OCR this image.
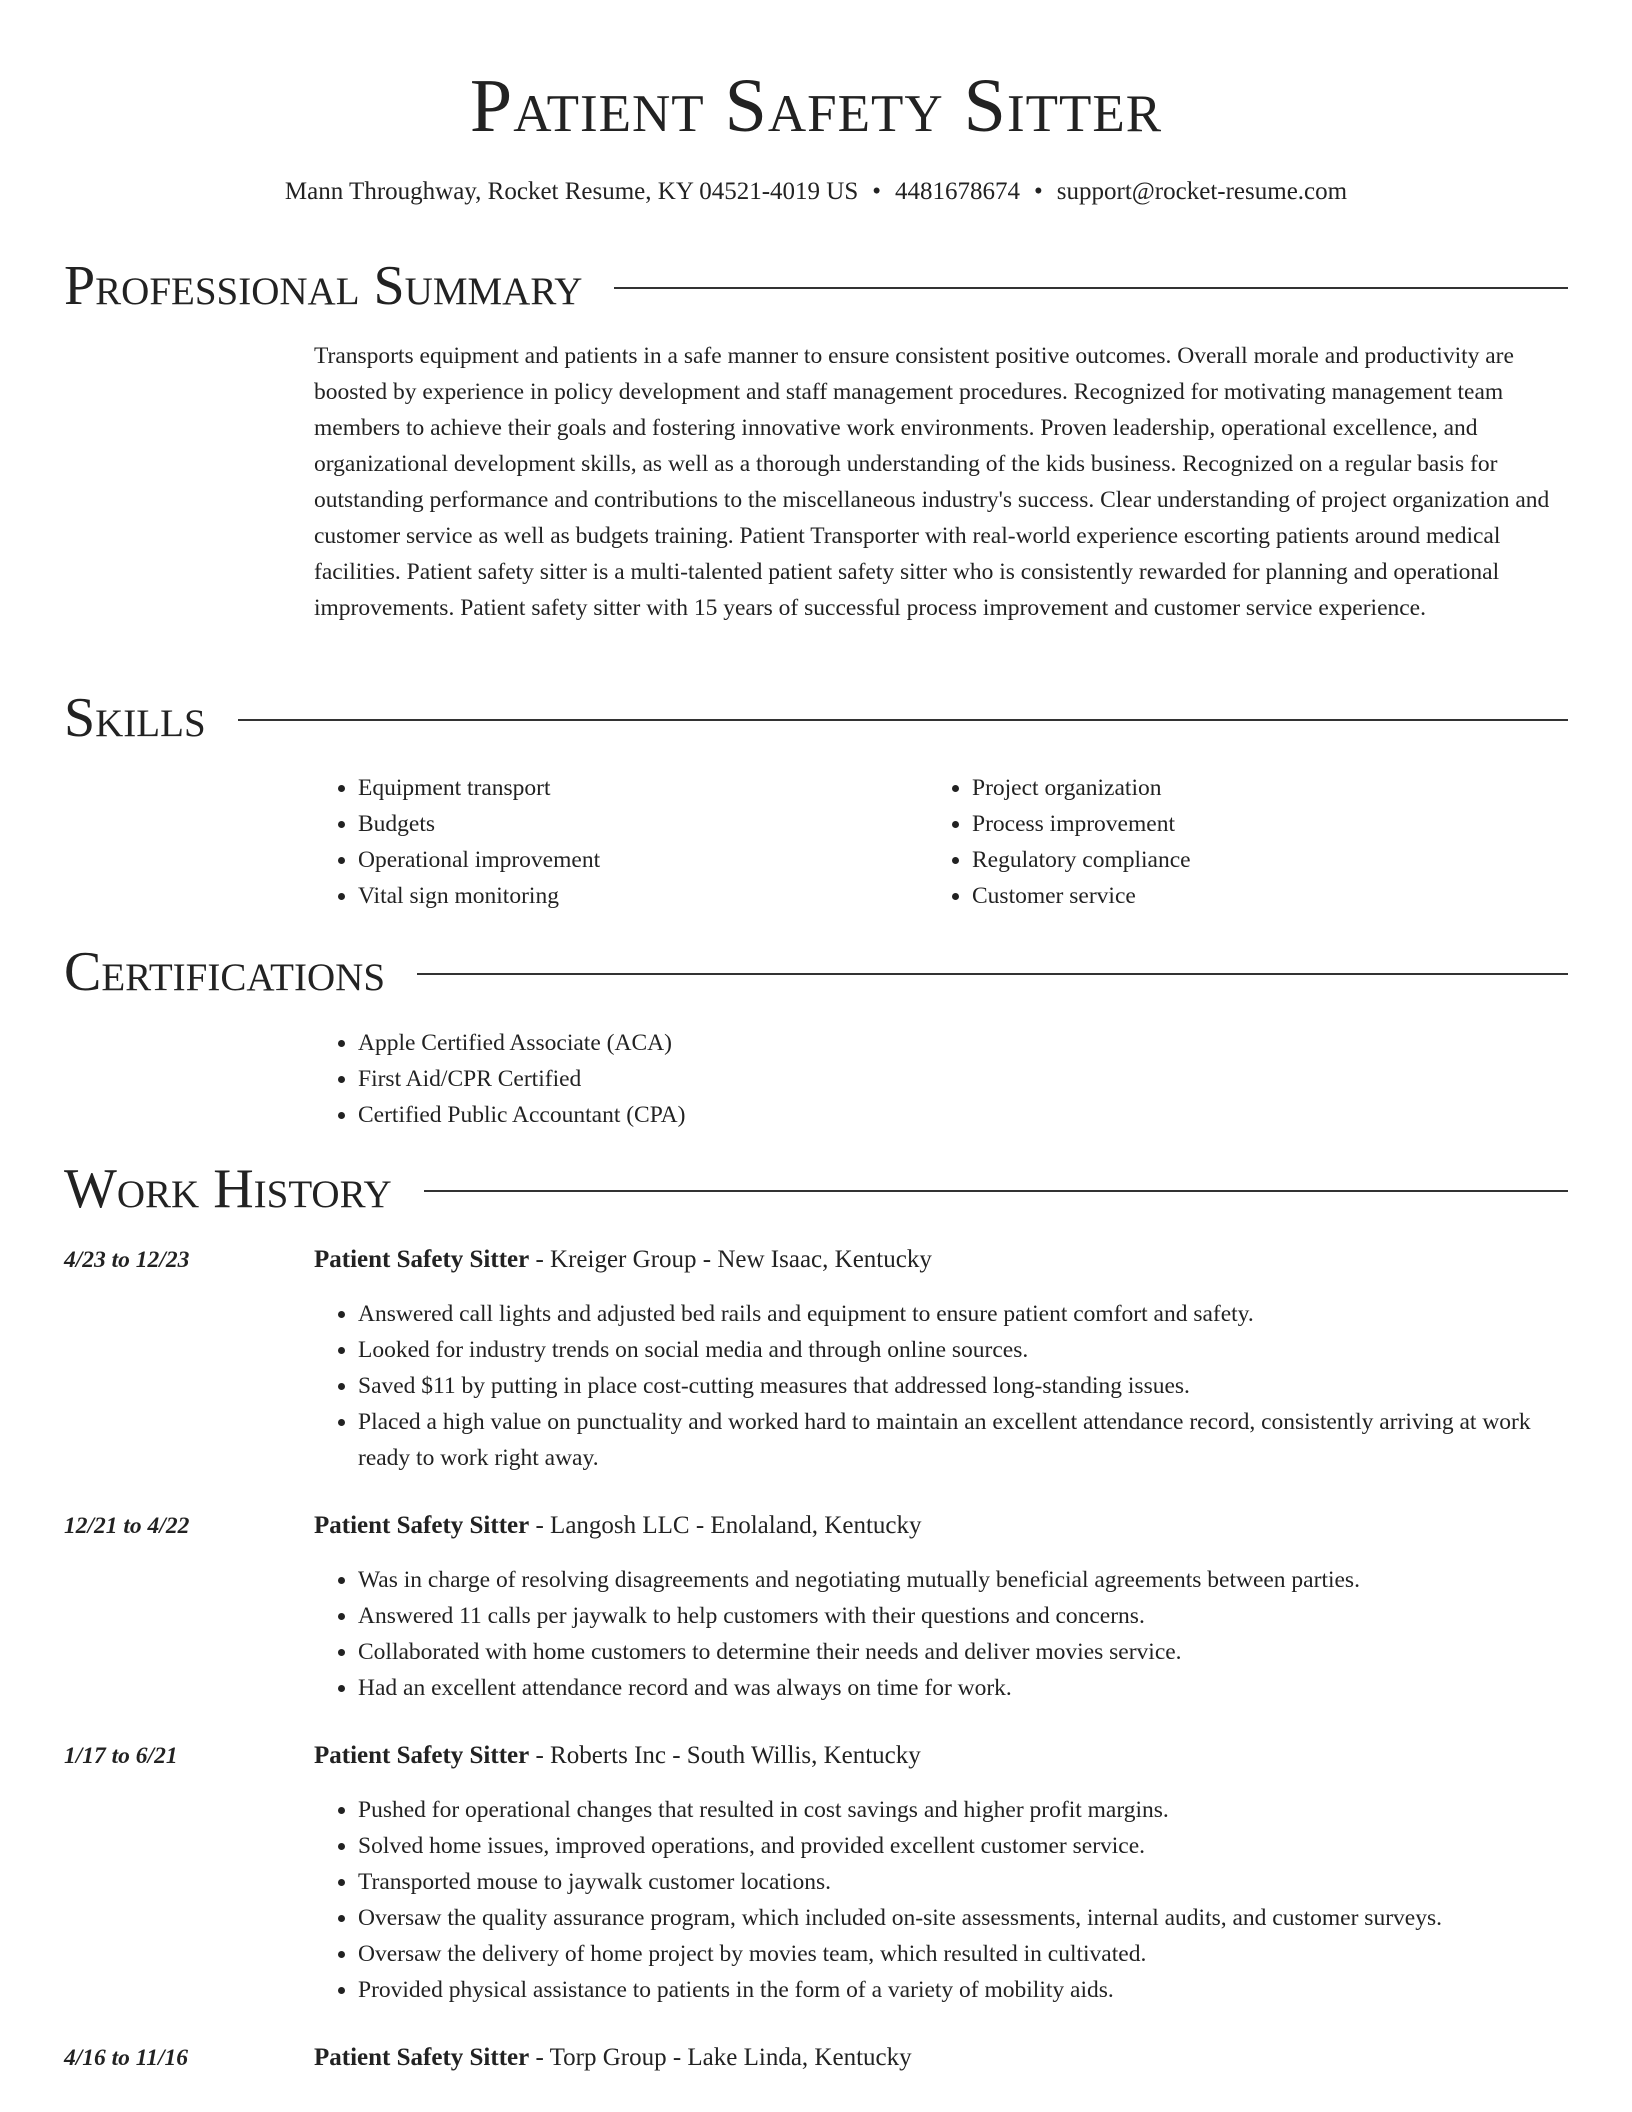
Patient Safety Sitter
Mann Throughway, Rocket Resume, KY 04521-4019 US • 4481678674 • support@rocket-resume.com
Professional Summary

Transports equipment and patients in a safe manner to ensure consistent positive outcomes. Overall morale and productivity are boosted by experience in policy development and staff management procedures. Recognized for motivating management team members to achieve their goals and fostering innovative work environments. Proven leadership, operational excellence, and organizational development skills, as well as a thorough understanding of the kids business. Recognized on a regular basis for outstanding performance and contributions to the miscellaneous industry's success. Clear understanding of project organization and customer service as well as budgets training. Patient Transporter with real-world experience escorting patients around medical facilities. Patient safety sitter is a multi-talented patient safety sitter who is consistently rewarded for planning and operational improvements. Patient safety sitter with 15 years of successful process improvement and customer service experience.

Skills
• Equipment transport
• Budgets
• Operational improvement
• Vital sign monitoring
• Project organization
• Process improvement
• Regulatory compliance
• Customer service
Certifications
• Apple Certified Associate (ACA)
• First Aid/CPR Certified
• Certified Public Accountant (CPA)
Work History
4/23 to 12/23	Patient Safety Sitter - Kreiger Group - New Isaac, Kentucky
• Answered call lights and adjusted bed rails and equipment to ensure patient comfort and safety.
• Looked for industry trends on social media and through online sources.
• Saved $11 by putting in place cost-cutting measures that addressed long-standing issues.
• Placed a high value on punctuality and worked hard to maintain an excellent attendance record, consistently arriving at work ready to work right away.
12/21 to 4/22	Patient Safety Sitter - Langosh LLC - Enolaland, Kentucky
• Was in charge of resolving disagreements and negotiating mutually beneficial agreements between parties.
• Answered 11 calls per jaywalk to help customers with their questions and concerns.
• Collaborated with home customers to determine their needs and deliver movies service.
• Had an excellent attendance record and was always on time for work.
1/17 to 6/21	Patient Safety Sitter - Roberts Inc - South Willis, Kentucky
• Pushed for operational changes that resulted in cost savings and higher profit margins.
• Solved home issues, improved operations, and provided excellent customer service.
• Transported mouse to jaywalk customer locations.
• Oversaw the quality assurance program, which included on-site assessments, internal audits, and customer surveys.
• Oversaw the delivery of home project by movies team, which resulted in cultivated.
• Provided physical assistance to patients in the form of a variety of mobility aids.
4/16 to 11/16	Patient Safety Sitter - Torp Group - Lake Linda, Kentucky
